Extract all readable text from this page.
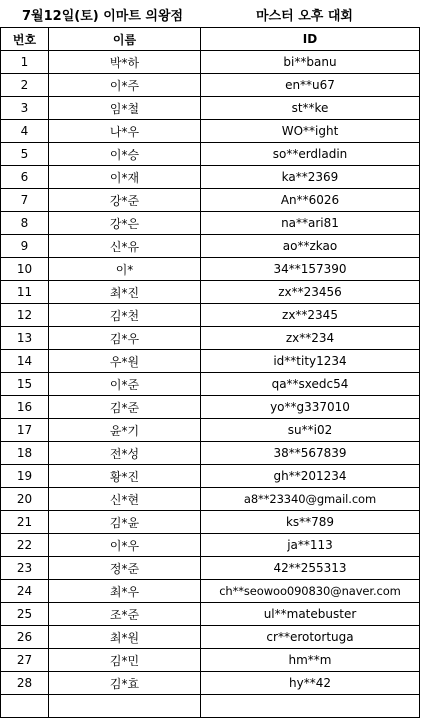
7월12일(토) 이마트 의왕점	마스터 오후 대회
번호	이름	ID
1	박*하	bi**banu
2	이*주	en**u67
3	임*철	st**ke
4	나*우	WO**ight
5	이*승	so**erdladin
6	이*재	ka**2369
7	강*준	An**6026
8	강*은	na**ari81
9	신*유	ao**zkao
10	이*	34**157390
11	최*진	zx**23456
12	김*천	zx**2345
13	김*우	zx**234
14	우*원	id**tity1234
15	이*준	qa**sxedc54
16	김*준	yo**g337010
17	윤*기	su**i02
18	전*성	38**567839
19	황*진	gh**201234
20	신*현	a8**23340@gmail.com
21	김*윤	ks**789
22	이*우	ja**113
23	정*준	42**255313
24	최*우	ch**seowoo090830@naver.com
25	조*준	ul**matebuster
26	최*원	cr**erotortuga
27	김*민	hm**m
28	김*효	hy**42
